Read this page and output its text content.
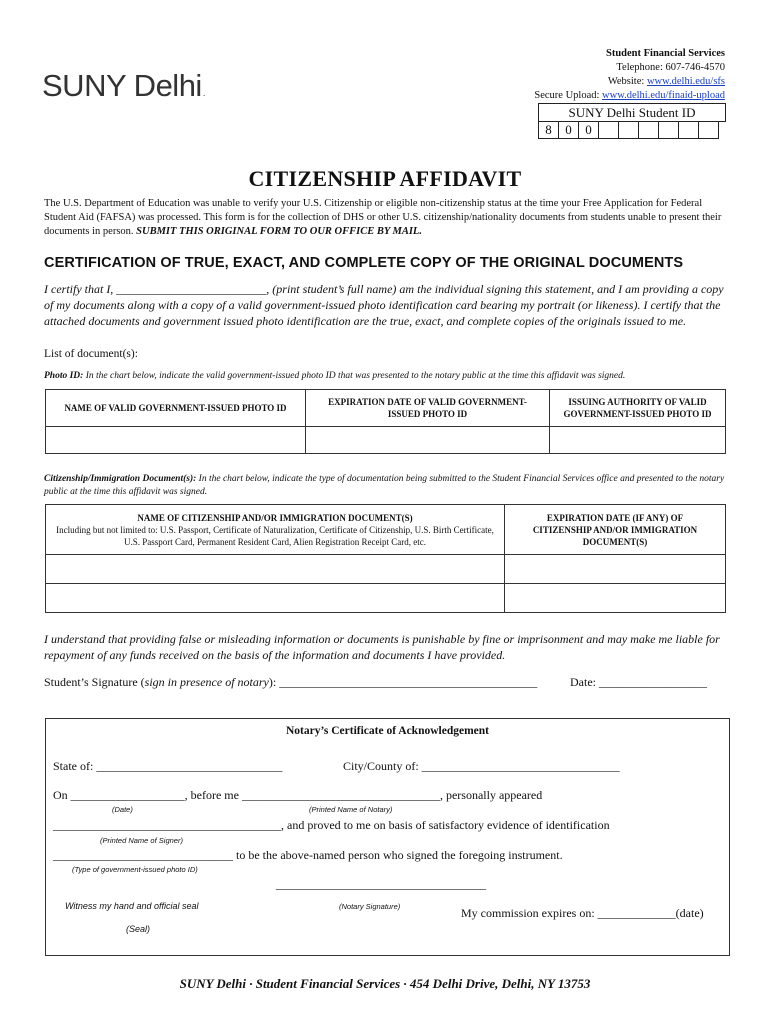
SUNY Delhi.
Student Financial Services
Telephone: 607-746-4570
Website: www.delhi.edu/sfs
Secure Upload: www.delhi.edu/finaid-upload
SUNY Delhi Student ID
8	0	0
CITIZENSHIP AFFIDAVIT
The U.S. Department of Education was unable to verify your U.S. Citizenship or eligible non-citizenship status at the time your Free Application for Federal Student Aid (FAFSA) was processed. This form is for the collection of DHS or other U.S. citizenship/nationality documents from students unable to present their documents in person. SUBMIT THIS ORIGINAL FORM TO OUR OFFICE BY MAIL.
CERTIFICATION OF TRUE, EXACT, AND COMPLETE COPY OF THE ORIGINAL DOCUMENTS
I certify that I, _________________________, (print student’s full name) am the individual signing this statement, and I am providing a copy of my documents along with a copy of a valid government-issued photo identification card bearing my portrait (or likeness). I certify that the attached documents and government issued photo identification are the true, exact, and complete copies of the originals issued to me.
List of document(s):
Photo ID: In the chart below, indicate the valid government-issued photo ID that was presented to the notary public at the time this affidavit was signed.
NAME OF VALID GOVERNMENT-ISSUED PHOTO ID	EXPIRATION DATE OF VALID GOVERNMENT-ISSUED PHOTO ID	ISSUING AUTHORITY OF VALID GOVERNMENT-ISSUED PHOTO ID

Citizenship/Immigration Document(s): In the chart below, indicate the type of documentation being submitted to the Student Financial Services office and presented to the notary public at the time this affidavit was signed.
NAME OF CITIZENSHIP AND/OR IMMIGRATION DOCUMENT(S)
Including but not limited to: U.S. Passport, Certificate of Naturalization, Certificate of Citizenship, U.S. Birth Certificate, U.S. Passport Card, Permanent Resident Card, Alien Registration Receipt Card, etc.	EXPIRATION DATE (IF ANY) OF CITIZENSHIP AND/OR IMMIGRATION DOCUMENT(S)

I understand that providing false or misleading information or documents is punishable by fine or imprisonment and may make me liable for repayment of any funds received on the basis of the information and documents I have provided.
Student’s Signature (sign in presence of notary): ___________________________________________	Date: __________________
Notary’s Certificate of Acknowledgement
State of: _______________________________	City/County of: _________________________________
On ___________________, before me _________________________________, personally appeared
(Date)	(Printed Name of Notary)
______________________________________, and proved to me on basis of satisfactory evidence of identification
(Printed Name of Signer)
______________________________ to be the above-named person who signed the foregoing instrument.
(Type of government-issued photo ID)
___________________________________
Witness my hand and official seal	(Notary Signature)	My commission expires on: _____________(date)
(Seal)
SUNY Delhi · Student Financial Services · 454 Delhi Drive, Delhi, NY 13753
